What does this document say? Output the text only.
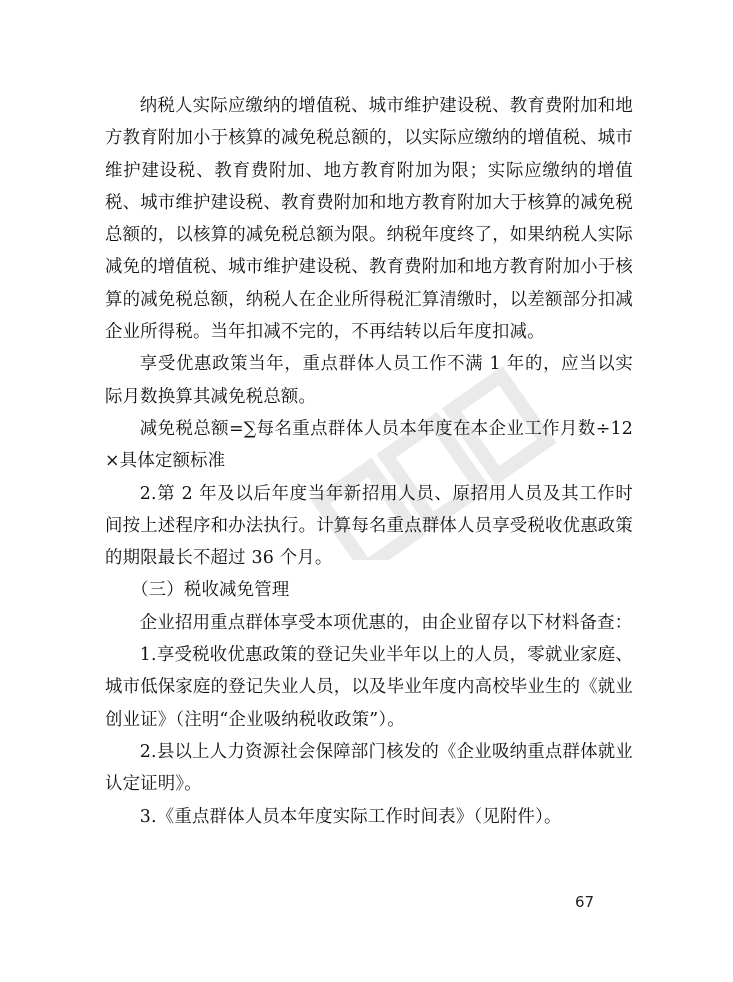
纳税人实际应缴纳的增值税、城市维护建设税、教育费附加和地方教育附加小于核算的减免税总额的，以实际应缴纳的增值税、城市维护建设税、教育费附加、地方教育附加为限；实际应缴纳的增值税、城市维护建设税、教育费附加和地方教育附加大于核算的减免税总额的，以核算的减免税总额为限。纳税年度终了，如果纳税人实际减免的增值税、城市维护建设税、教育费附加和地方教育附加小于核算的减免税总额，纳税人在企业所得税汇算清缴时，以差额部分扣减企业所得税。当年扣减不完的，不再结转以后年度扣减。

享受优惠政策当年，重点群体人员工作不满 1 年的，应当以实际月数换算其减免税总额。

减免税总额=∑每名重点群体人员本年度在本企业工作月数÷12×具体定额标准

2.第 2 年及以后年度当年新招用人员、原招用人员及其工作时间按上述程序和办法执行。计算每名重点群体人员享受税收优惠政策的期限最长不超过 36 个月。

（三）税收减免管理

企业招用重点群体享受本项优惠的，由企业留存以下材料备查：

1.享受税收优惠政策的登记失业半年以上的人员，零就业家庭、城市低保家庭的登记失业人员，以及毕业年度内高校毕业生的《就业创业证》（注明“企业吸纳税收政策”）。

2.县以上人力资源社会保障部门核发的《企业吸纳重点群体就业认定证明》。

3.《重点群体人员本年度实际工作时间表》（见附件）。

67
